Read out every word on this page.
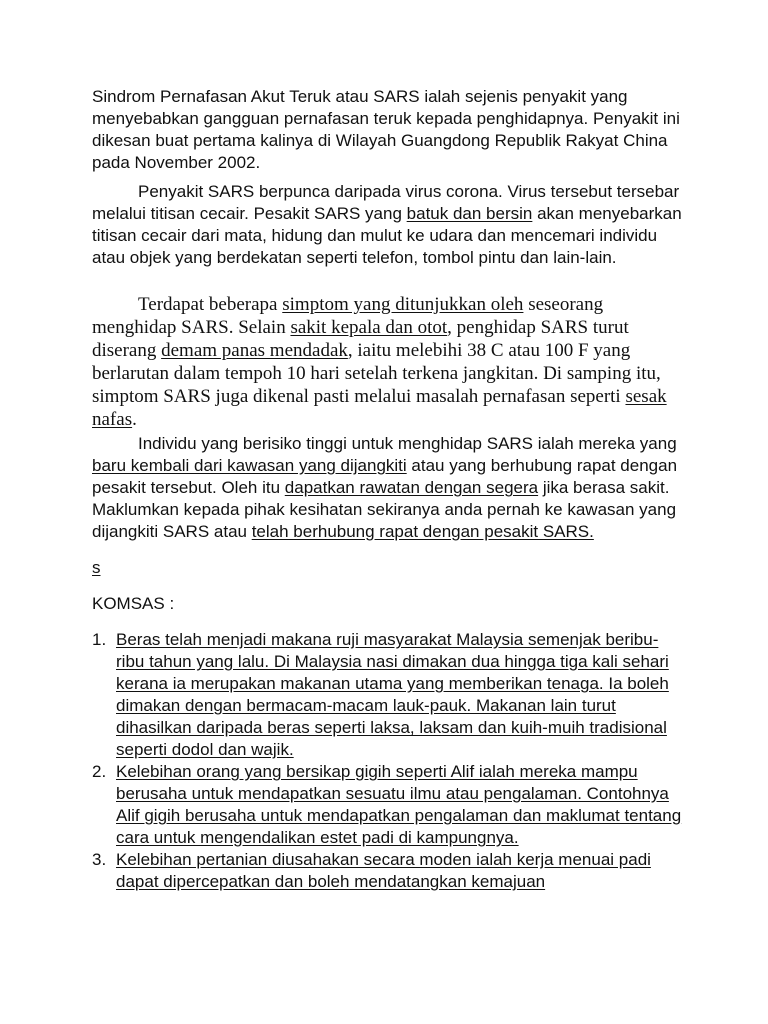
Sindrom Pernafasan Akut Teruk atau SARS ialah sejenis penyakit yang menyebabkan gangguan pernafasan teruk kepada penghidapnya. Penyakit ini dikesan buat pertama kalinya di Wilayah Guangdong Republik Rakyat China pada November 2002.

Penyakit SARS berpunca daripada virus corona. Virus tersebut tersebar melalui titisan cecair. Pesakit SARS yang batuk dan bersin akan menyebarkan titisan cecair dari mata, hidung dan mulut ke udara dan mencemari individu atau objek yang berdekatan seperti telefon, tombol pintu dan lain-lain.

Terdapat beberapa simptom yang ditunjukkan oleh seseorang menghidap SARS. Selain sakit kepala dan otot, penghidap SARS turut diserang demam panas mendadak, iaitu melebihi 38 C atau 100 F yang berlarutan dalam tempoh 10 hari setelah terkena jangkitan. Di samping itu, simptom SARS juga dikenal pasti melalui masalah pernafasan seperti sesak nafas.

Individu yang berisiko tinggi untuk menghidap SARS ialah mereka yang baru kembali dari kawasan yang dijangkiti atau yang berhubung rapat dengan pesakit tersebut. Oleh itu dapatkan rawatan dengan segera jika berasa sakit. Maklumkan kepada pihak kesihatan sekiranya anda pernah ke kawasan yang dijangkiti SARS atau telah berhubung rapat dengan pesakit SARS.

s

KOMSAS :

1. Beras telah menjadi makana ruji masyarakat Malaysia semenjak beribu-ribu tahun yang lalu. Di Malaysia nasi dimakan dua hingga tiga kali sehari kerana ia merupakan makanan utama yang memberikan tenaga. Ia boleh dimakan dengan bermacam-macam lauk-pauk. Makanan lain turut dihasilkan daripada beras seperti laksa, laksam dan kuih-muih tradisional seperti dodol dan wajik.
2. Kelebihan orang yang bersikap gigih seperti Alif ialah mereka mampu berusaha untuk mendapatkan sesuatu ilmu atau pengalaman. Contohnya Alif gigih berusaha untuk mendapatkan pengalaman dan maklumat tentang cara untuk mengendalikan estet padi di kampungnya.
3. Kelebihan pertanian diusahakan secara moden ialah kerja menuai padi dapat dipercepatkan dan boleh mendatangkan kemajuan
